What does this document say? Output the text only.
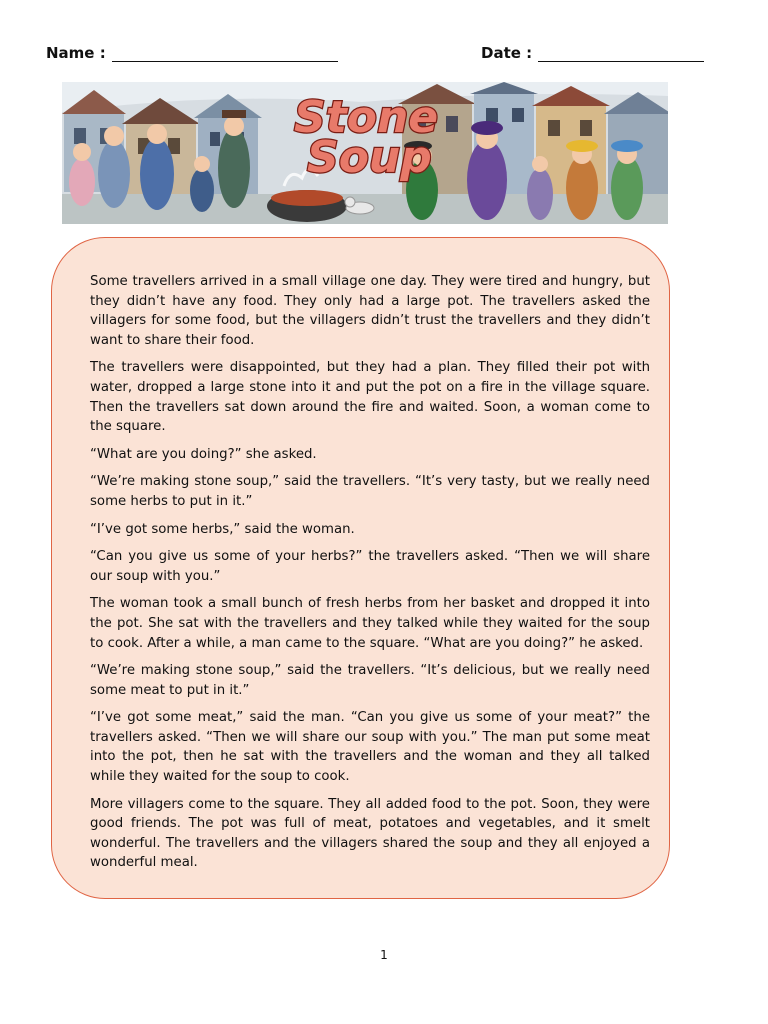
Name :	Date :
Stone
Soup

Some travellers arrived in a small village one day. They were tired and hungry, but they didn’t have any food. They only had a large pot. The travellers asked the villagers for some food, but the villagers didn’t trust the travellers and they didn’t want to share their food.

The travellers were disappointed, but they had a plan. They filled their pot with water, dropped a large stone into it and put the pot on a fire in the village square. Then the travellers sat down around the fire and waited. Soon, a woman come to the square.

“What are you doing?” she asked.

“We’re making stone soup,” said the travellers. “It’s very tasty, but we really need some herbs to put in it.”

“I’ve got some herbs,” said the woman.

“Can you give us some of your herbs?” the travellers asked. “Then we will share our soup with you.”

The woman took a small bunch of fresh herbs from her basket and dropped it into the pot. She sat with the travellers and they talked while they waited for the soup to cook. After a while, a man came to the square. “What are you doing?” he asked.

“We’re making stone soup,” said the travellers. “It’s delicious, but we really need some meat to put in it.”

“I’ve got some meat,” said the man. “Can you give us some of your meat?” the travellers asked. “Then we will share our soup with you.” The man put some meat into the pot, then he sat with the travellers and the woman and they all talked while they waited for the soup to cook.

More villagers come to the square. They all added food to the pot. Soon, they were good friends. The pot was full of meat, potatoes and vegetables, and it smelt wonderful. The travellers and the villagers shared the soup and they all enjoyed a wonderful meal.

1
